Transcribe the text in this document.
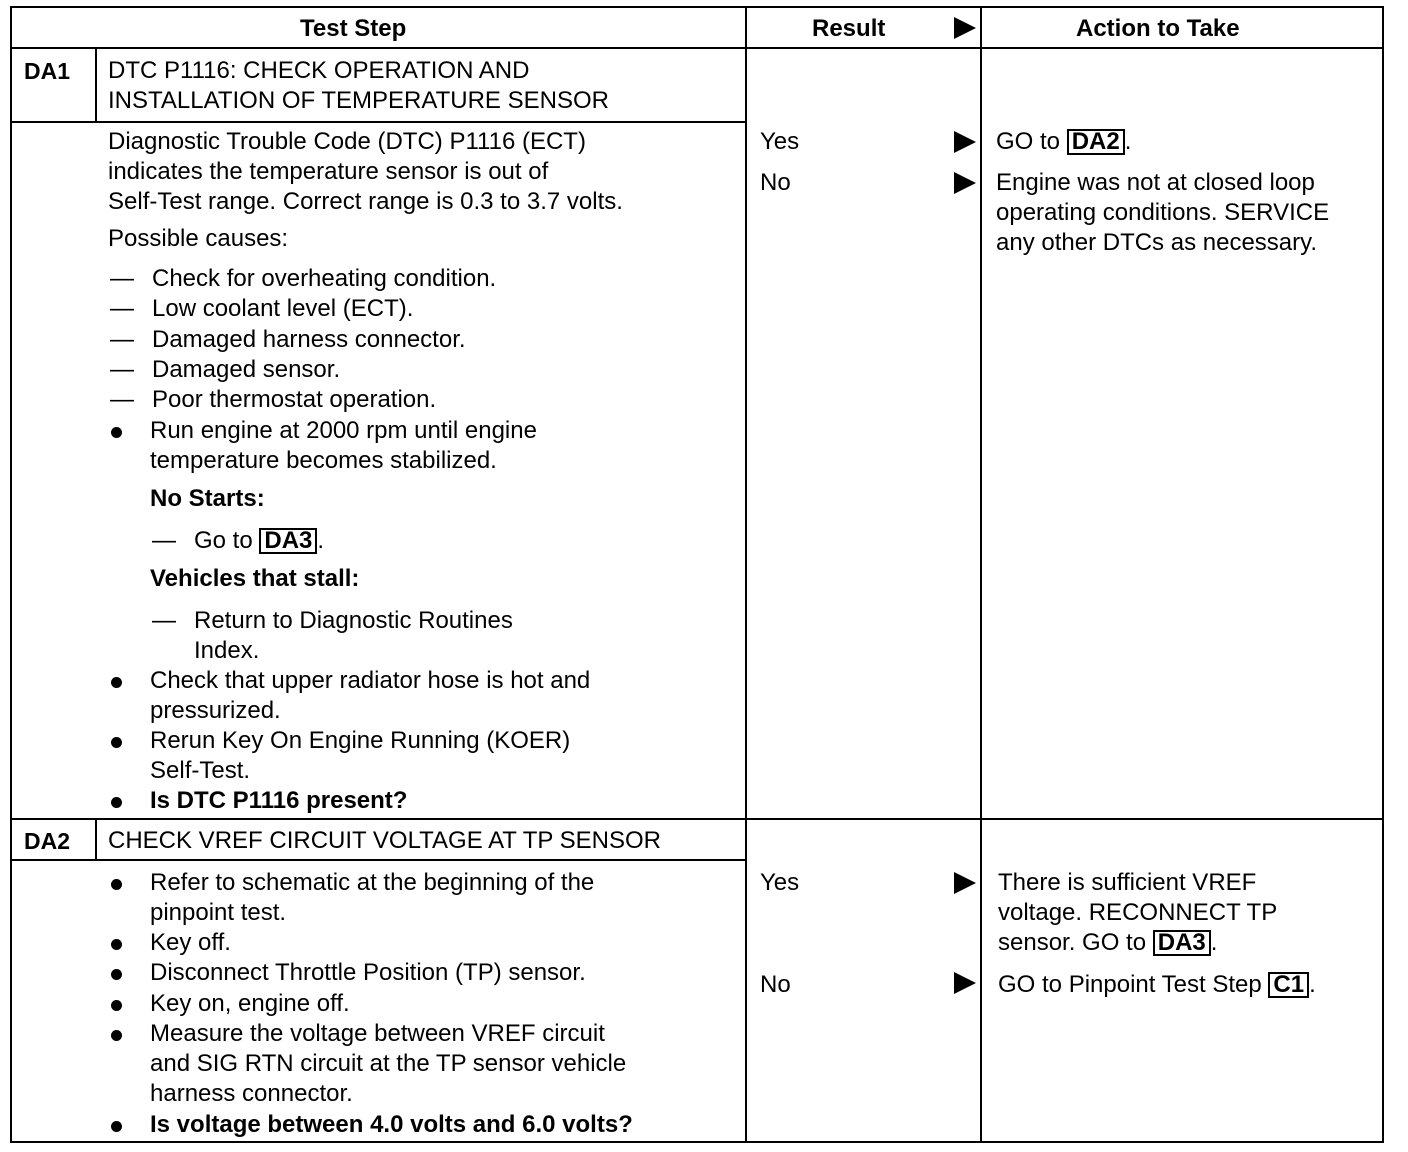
Test Step	Result	Action to Take
DA1 DTC P1116: CHECK OPERATION AND
INSTALLATION OF TEMPERATURE SENSOR
Diagnostic Trouble Code (DTC) P1116 (ECT)
indicates the temperature sensor is out of
Self-Test range. Correct range is 0.3 to 3.7 volts.
Possible causes:
— Check for overheating condition.
— Low coolant level (ECT).
— Damaged harness connector.
— Damaged sensor.
— Poor thermostat operation.
Run engine at 2000 rpm until engine
temperature becomes stabilized.
No Starts:
— Go to DA3 .
Vehicles that stall:
— Return to Diagnostic Routines
Index.
Check that upper radiator hose is hot and
pressurized.
Rerun Key On Engine Running (KOER)
Self-Test.
Is DTC P1116 present?
Yes
No
GO to DA2 .
Engine was not at closed loop
operating conditions. SERVICE
any other DTCs as necessary.
DA2 CHECK VREF CIRCUIT VOLTAGE AT TP SENSOR
Refer to schematic at the beginning of the
pinpoint test.
Key off.
Disconnect Throttle Position (TP) sensor.
Key on, engine off.
Measure the voltage between VREF circuit
and SIG RTN circuit at the TP sensor vehicle
harness connector.
Is voltage between 4.0 volts and 6.0 volts?
Yes
No
There is sufficient VREF
voltage. RECONNECT TP
sensor. GO to DA3 .
GO to Pinpoint Test Step C1 .
